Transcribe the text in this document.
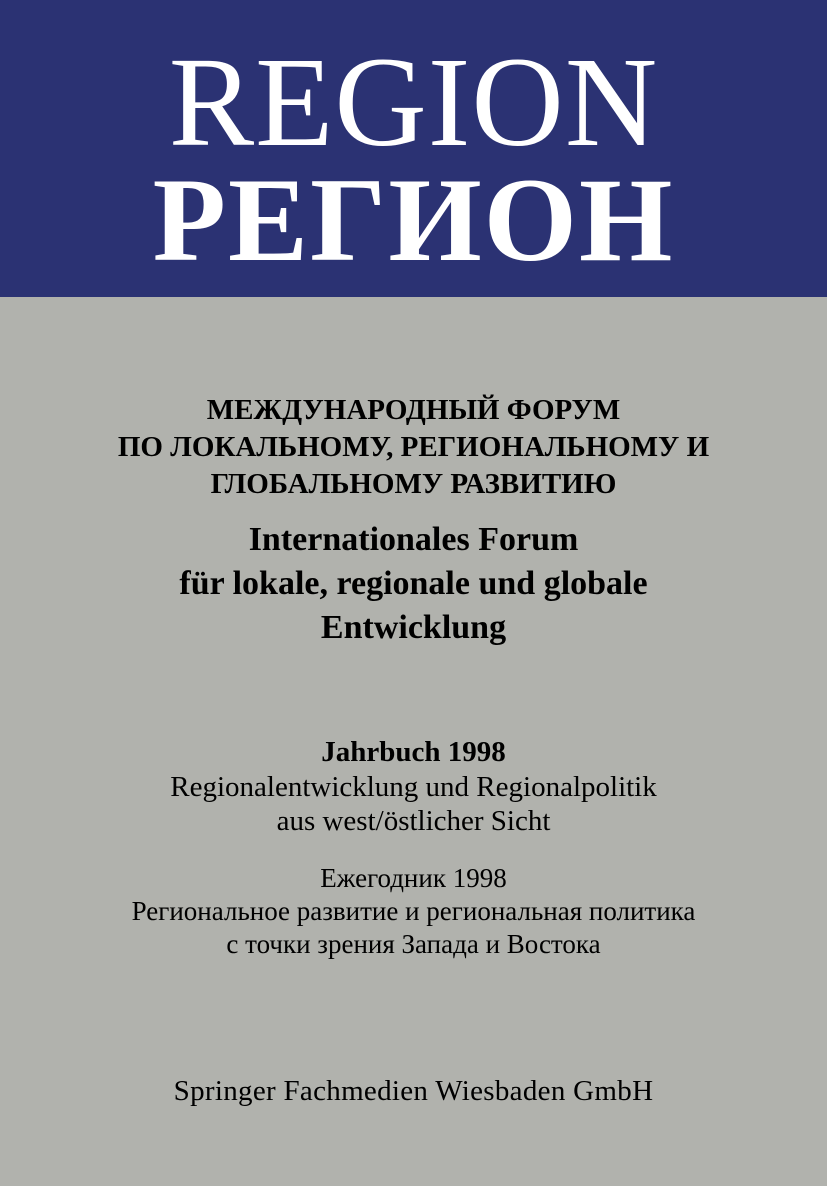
REGION
РЕГИОН
МЕЖДУНАРОДНЫЙ ФОРУМ
ПО ЛОКАЛЬНОМУ, РЕГИОНАЛЬНОМУ И
ГЛОБАЛЬНОМУ РАЗВИТИЮ
Internationales Forum
für lokale, regionale und globale
Entwicklung
Jahrbuch 1998
Regionalentwicklung und Regionalpolitik
aus west/östlicher Sicht
Ежегодник 1998
Региональное развитие и региональная политика
с точки зрения Запада и Востока
Springer Fachmedien Wiesbaden GmbH
